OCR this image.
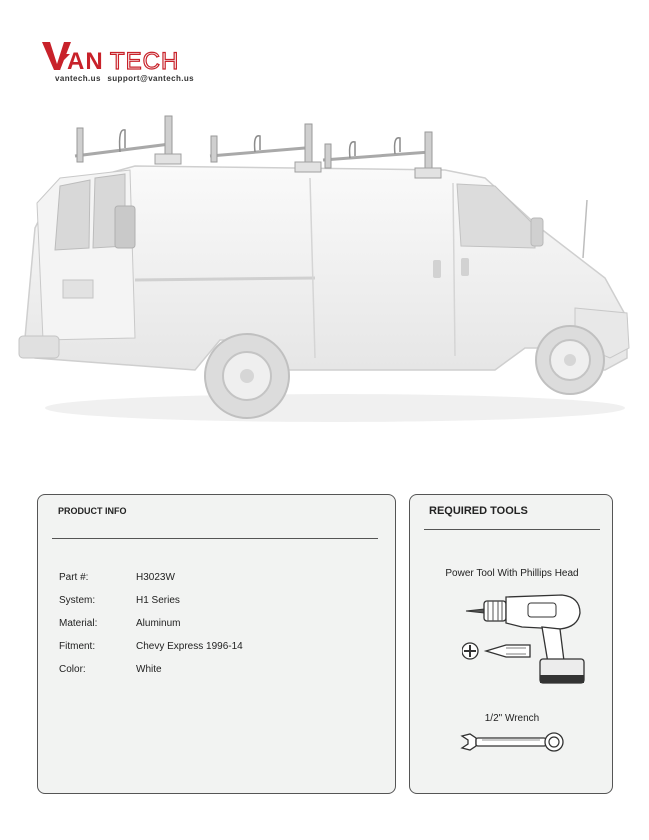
AN TECH
vantech.us support@vantech.us
PRODUCT INFO
Part #:	H3023W
System:	H1 Series
Material:	Aluminum
Fitment:	Chevy Express 1996-14
Color:	White
REQUIRED TOOLS
Power Tool With Phillips Head
1/2" Wrench
